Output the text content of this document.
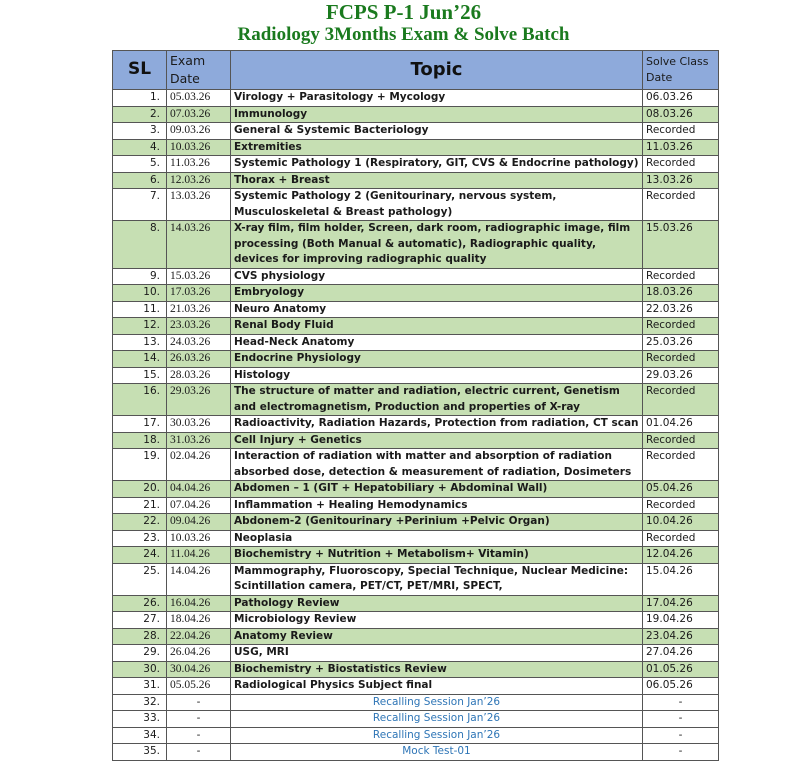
FCPS P-1 Jun’26
Radiology 3Months Exam & Solve Batch
SL	Exam Date	Topic	Solve Class Date
1.	05.03.26	Virology + Parasitology + Mycology	06.03.26
2.	07.03.26	Immunology	08.03.26
3.	09.03.26	General & Systemic Bacteriology	Recorded
4.	10.03.26	Extremities	11.03.26
5.	11.03.26	Systemic Pathology 1 (Respiratory, GIT, CVS & Endocrine pathology)	Recorded
6.	12.03.26	Thorax + Breast	13.03.26
7.	13.03.26	Systemic Pathology 2 (Genitourinary, nervous system, Musculoskeletal & Breast pathology)	Recorded
8.	14.03.26	X-ray film, film holder, Screen, dark room, radiographic image, film processing (Both Manual & automatic), Radiographic quality, devices for improving radiographic quality	15.03.26
9.	15.03.26	CVS physiology	Recorded
10.	17.03.26	Embryology	18.03.26
11.	21.03.26	Neuro Anatomy	22.03.26
12.	23.03.26	Renal Body Fluid	Recorded
13.	24.03.26	Head-Neck Anatomy	25.03.26
14.	26.03.26	Endocrine Physiology	Recorded
15.	28.03.26	Histology	29.03.26
16.	29.03.26	The structure of matter and radiation, electric current, Genetism and electromagnetism, Production and properties of X-ray	Recorded
17.	30.03.26	Radioactivity, Radiation Hazards, Protection from radiation, CT scan	01.04.26
18.	31.03.26	Cell Injury + Genetics	Recorded
19.	02.04.26	Interaction of radiation with matter and absorption of radiation absorbed dose, detection & measurement of radiation, Dosimeters	Recorded
20.	04.04.26	Abdomen – 1 (GIT + Hepatobiliary + Abdominal Wall)	05.04.26
21.	07.04.26	Inflammation + Healing Hemodynamics	Recorded
22.	09.04.26	Abdonem-2 (Genitourinary +Perinium +Pelvic Organ)	10.04.26
23.	10.03.26	Neoplasia	Recorded
24.	11.04.26	Biochemistry + Nutrition + Metabolism+ Vitamin)	12.04.26
25.	14.04.26	Mammography, Fluoroscopy, Special Technique, Nuclear Medicine: Scintillation camera, PET/CT, PET/MRI, SPECT,	15.04.26
26.	16.04.26	Pathology Review	17.04.26
27.	18.04.26	Microbiology Review	19.04.26
28.	22.04.26	Anatomy Review	23.04.26
29.	26.04.26	USG, MRI	27.04.26
30.	30.04.26	Biochemistry + Biostatistics Review	01.05.26
31.	05.05.26	Radiological Physics Subject final	06.05.26
32.	-	Recalling Session Jan’26	-
33.	-	Recalling Session Jan’26	-
34.	-	Recalling Session Jan’26	-
35.	-	Mock Test-01	-
